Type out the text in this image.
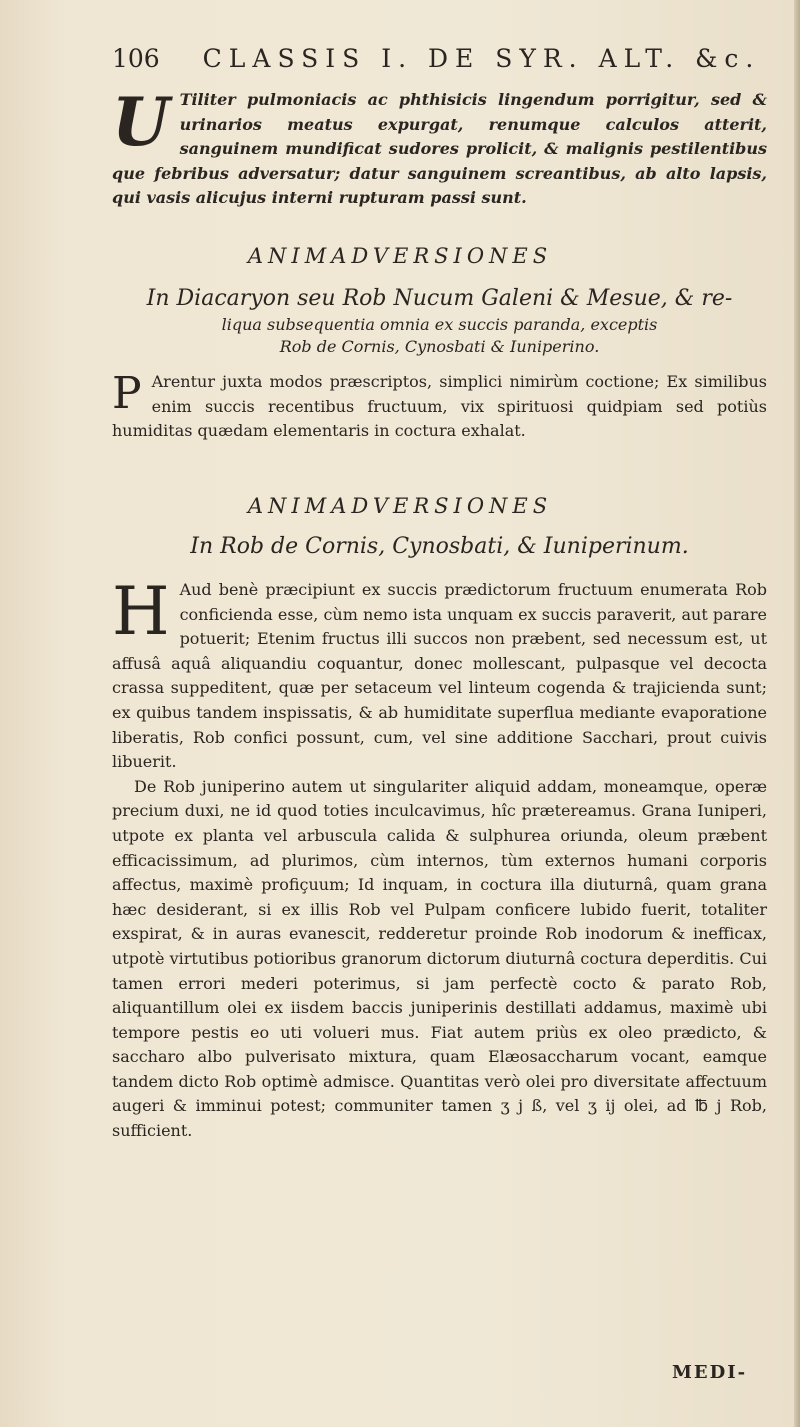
106 CLASSIS I. DE SYR. ALT. &c.
U Tiliter pulmoniacis ac phthisicis lingendum porrigitur, sed & urinarios meatus expurgat, renumque calculos atterit, sanguinem mundificat sudores prolicit, & malignis pestilentibus que febribus adversatur; datur sanguinem screantibus, ab alto lapsis, qui vasis alicujus interni rupturam passi sunt.
ANIMADVERSIONES
In Diacaryon seu Rob Nucum Galeni & Mesue, & re-
liqua subsequentia omnia ex succis paranda, exceptis
Rob de Cornis, Cynosbati & Iuniperino.
P Arentur juxta modos præscriptos, simplici nimirùm coctione; Ex similibus enim succis recentibus fructuum, vix spirituosi quidpiam sed potiùs humiditas quædam elementaris in coctura exhalat.
ANIMADVERSIONES
In Rob de Cornis, Cynosbati, & Iuniperinum.
H Aud benè præcipiunt ex succis prædictorum fructuum enumerata Rob conficienda esse, cùm nemo ista unquam ex succis paraverit, aut parare potuerit; Etenim fructus illi succos non præbent, sed necessum est, ut affusâ aquâ aliquandiu coquantur, donec mollescant, pulpasque vel decocta crassa suppeditent, quæ per setaceum vel linteum cogenda & trajicienda sunt; ex quibus tandem inspissatis, & ab humiditate superflua mediante evaporatione liberatis, Rob confici possunt, cum, vel sine additione Sacchari, prout cuivis libuerit.
De Rob juniperino autem ut singulariter aliquid addam, moneamque, operæ precium duxi, ne id quod toties inculcavimus, hîc prætereamus. Grana Iuniperi, utpote ex planta vel arbuscula calida & sulphurea oriunda, oleum præbent efficacissimum, ad plurimos, cùm internos, tùm externos humani corporis affectus, maximè profiçuum; Id inquam, in coctura illa diuturnâ, quam grana hæc desiderant, si ex illis Rob vel Pulpam conficere lubido fuerit, totaliter exspirat, & in auras evanescit, redderetur proinde Rob inodorum & inefficax, utpotè virtutibus potioribus granorum dictorum diuturnâ coctura deperditis. Cui tamen errori mederi poterimus, si jam perfectè cocto & parato Rob, aliquantillum olei ex iisdem baccis juniperinis destillati addamus, maximè ubi tempore pestis eo uti volueri mus. Fiat autem priùs ex oleo prædicto, & saccharo albo pulverisato mixtura, quam Elæosaccharum vocant, eamque tandem dicto Rob optimè admisce. Quantitas verò olei pro diversitate affectuum augeri & imminui potest; communiter tamen ʒ j ß, vel ʒ ij olei, ad ℔ j Rob, sufficient.
MEDI-
